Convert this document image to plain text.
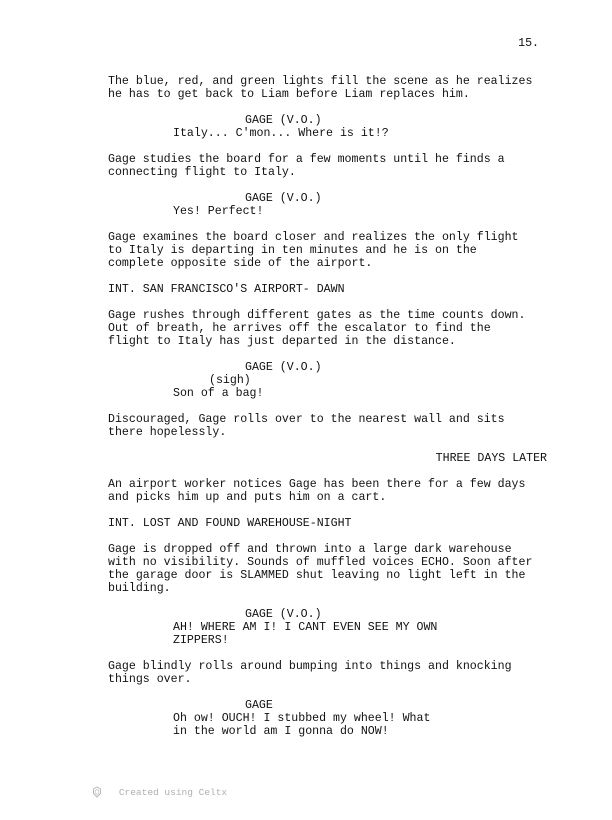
15.
The blue, red, and green lights fill the scene as he realizes
he has to get back to Liam before Liam replaces him.
GAGE (V.O.)
Italy... C'mon... Where is it!?
Gage studies the board for a few moments until he finds a
connecting flight to Italy.
GAGE (V.O.)
Yes! Perfect!
Gage examines the board closer and realizes the only flight
to Italy is departing in ten minutes and he is on the
complete opposite side of the airport.
INT. SAN FRANCISCO'S AIRPORT- DAWN
Gage rushes through different gates as the time counts down.
Out of breath, he arrives off the escalator to find the
flight to Italy has just departed in the distance.
GAGE (V.O.)
(sigh)
Son of a bag!
Discouraged, Gage rolls over to the nearest wall and sits
there hopelessly.
THREE DAYS LATER
An airport worker notices Gage has been there for a few days
and picks him up and puts him on a cart.
INT. LOST AND FOUND WAREHOUSE-NIGHT
Gage is dropped off and thrown into a large dark warehouse
with no visibility. Sounds of muffled voices ECHO. Soon after
the garage door is SLAMMED shut leaving no light left in the
building.
GAGE (V.O.)
AH! WHERE AM I! I CANT EVEN SEE MY OWN
ZIPPERS!
Gage blindly rolls around bumping into things and knocking
things over.
GAGE
Oh ow! OUCH! I stubbed my wheel! What
in the world am I gonna do NOW!

Created using Celtx
